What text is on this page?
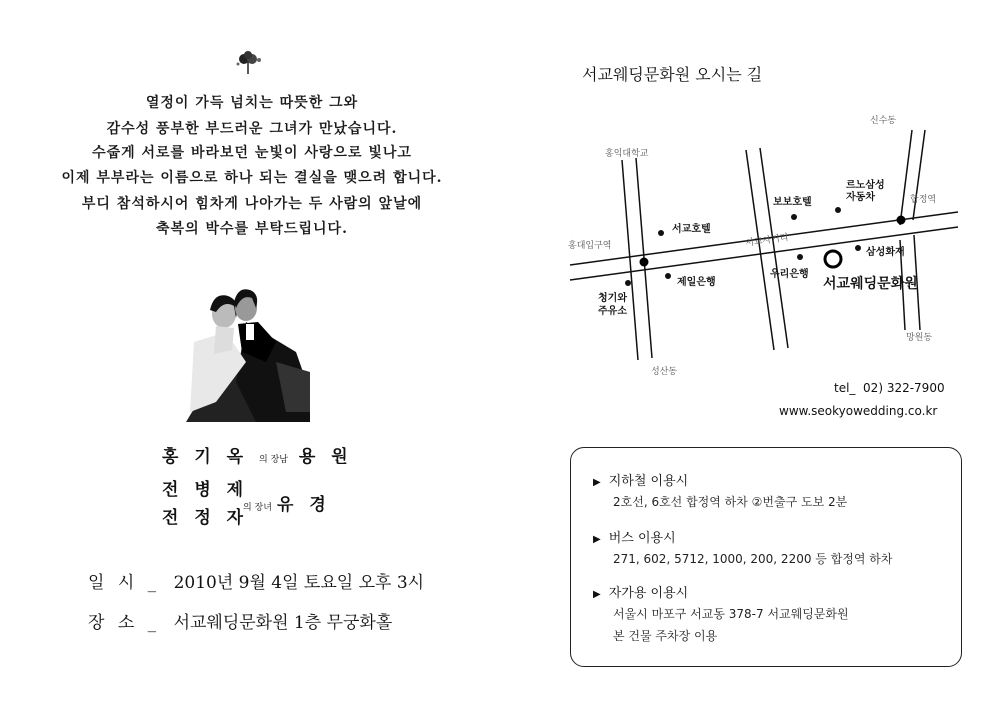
열정이 가득 넘치는 따뜻한 그와
감수성 풍부한 부드러운 그녀가 만났습니다.
수줍게 서로를 바라보던 눈빛이 사랑으로 빛나고
이제 부부라는 이름으로 하나 되는 결실을 맺으려 합니다.
부디 참석하시어 힘차게 나아가는 두 사람의 앞날에
축복의 박수를 부탁드립니다.
홍 기 옥 의 장남 용 원
전 병 제
전 정 자
의 장녀 유 경
일 시 _ 2010년 9월 4일 토요일 오후 3시
장 소 _ 서교웨딩문화원 1층 무궁화홀
서교웨딩문화원 오시는 길
신수동
홍익대학교
보보호텔
르노삼성
자동차	합정역
서교호텔
홍대입구역	서교사거리
삼성화재
우리은행
제일은행	서교웨딩문화원
청기와
주유소
망원동
성산동
tel_  02) 322-7900
www.seokyowedding.co.kr
▶ 지하철 이용시
2호선, 6호선 합정역 하차 ②번출구 도보 2분
▶ 버스 이용시
271, 602, 5712, 1000, 200, 2200 등 합정역 하차
▶ 자가용 이용시
서울시 마포구 서교동 378-7 서교웨딩문화원
본 건물 주차장 이용
